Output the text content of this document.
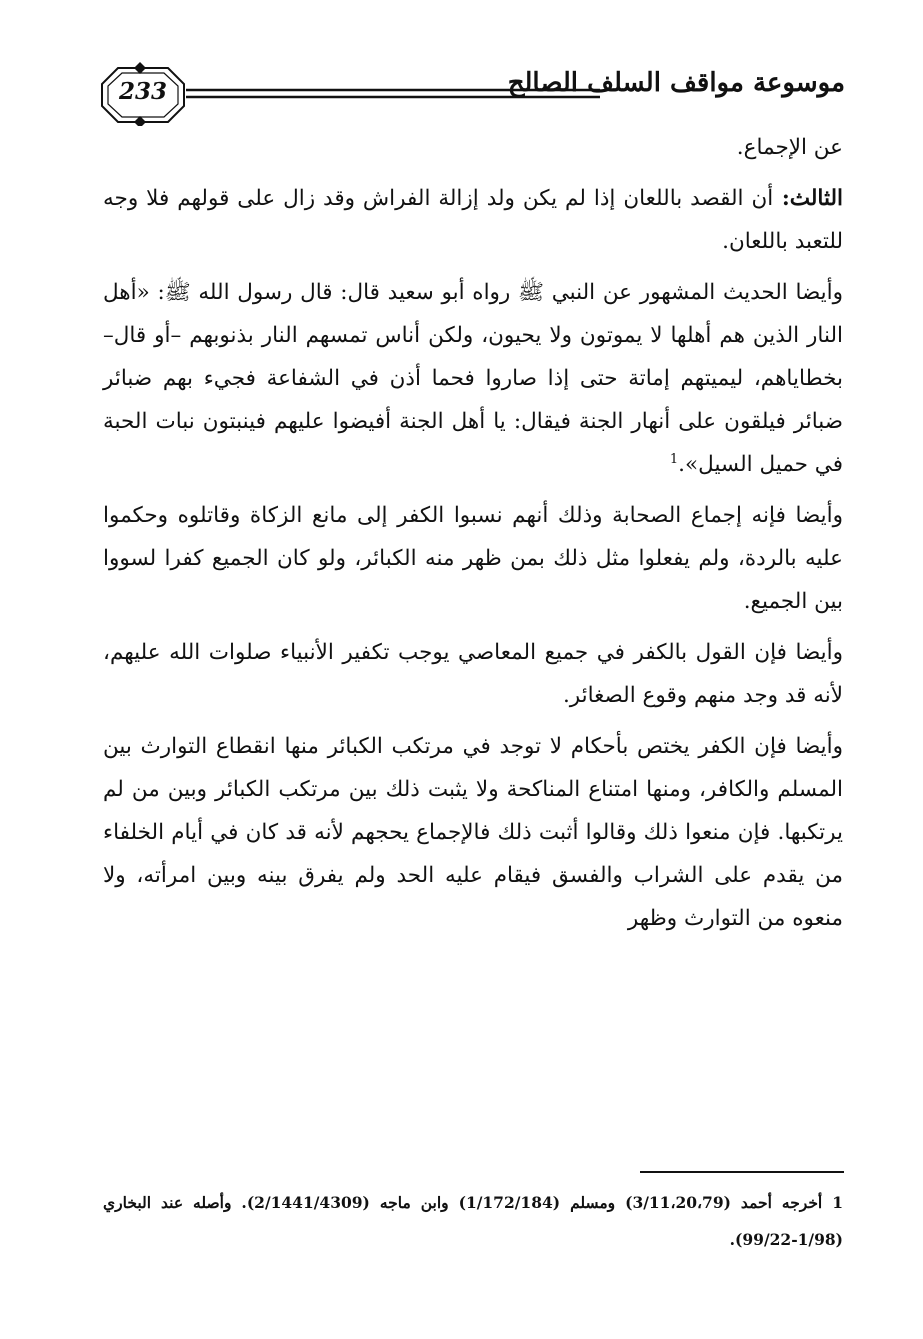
233	موسوعة مواقف السلف الصالح

عن الإجماع.

الثالث: أن القصد باللعان إذا لم يكن ولد إزالة الفراش وقد زال على قولهم فلا وجه للتعبد باللعان.

وأيضا الحديث المشهور عن النبي ﷺ رواه أبو سعيد قال: قال رسول الله ﷺ: «أهل النار الذين هم أهلها لا يموتون ولا يحيون، ولكن أناس تمسهم النار بذنوبهم –أو قال– بخطاياهم، ليميتهم إماتة حتى إذا صاروا فحما أذن في الشفاعة فجيء بهم ضبائر ضبائر فيلقون على أنهار الجنة فيقال: يا أهل الجنة أفيضوا عليهم فينبتون نبات الحبة في حميل السيل».$^1$

وأيضا فإنه إجماع الصحابة وذلك أنهم نسبوا الكفر إلى مانع الزكاة وقاتلوه وحكموا عليه بالردة، ولم يفعلوا مثل ذلك بمن ظهر منه الكبائر، ولو كان الجميع كفرا لسووا بين الجميع.

وأيضا فإن القول بالكفر في جميع المعاصي يوجب تكفير الأنبياء صلوات الله عليهم، لأنه قد وجد منهم وقوع الصغائر.

وأيضا فإن الكفر يختص بأحكام لا توجد في مرتكب الكبائر منها انقطاع التوارث بين المسلم والكافر، ومنها امتناع المناكحة ولا يثبت ذلك بين مرتكب الكبائر وبين من لم يرتكبها. فإن منعوا ذلك وقالوا أثبت ذلك فالإجماع يحجهم لأنه قد كان في أيام الخلفاء من يقدم على الشراب والفسق فيقام عليه الحد ولم يفرق بينه وبين امرأته، ولا منعوه من التوارث وظهر

1 أخرجه أحمد (3/11،20،79) ومسلم (1/172/184) وابن ماجه (2/1441/4309). وأصله عند البخاري (1/98-99/22).
